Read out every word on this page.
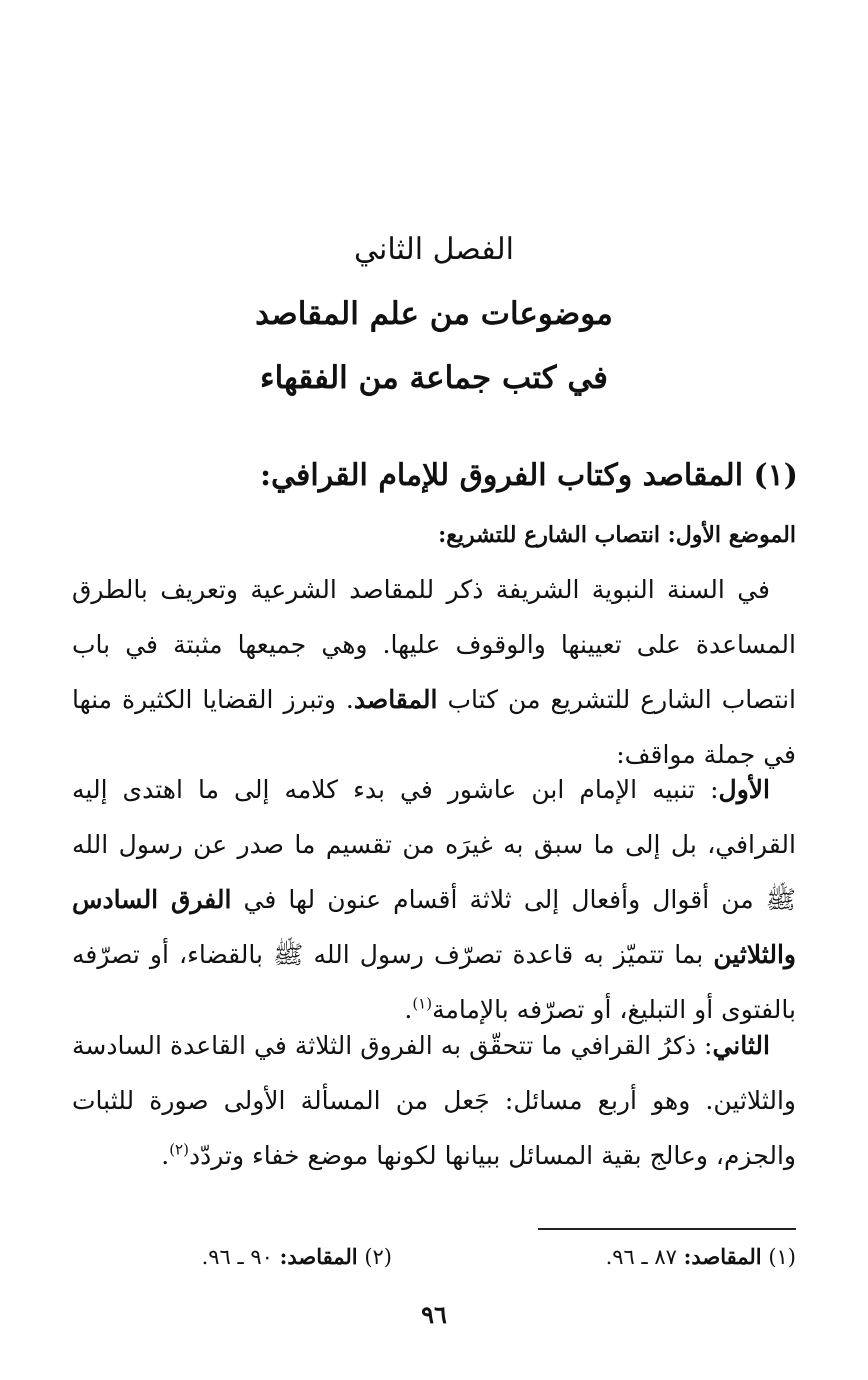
الفصل الثاني
موضوعات من علم المقاصد
في كتب جماعة من الفقهاء
(١) المقاصد وكتاب الفروق للإمام القرافي:
الموضع الأول: انتصاب الشارع للتشريع:

في السنة النبوية الشريفة ذكر للمقاصد الشرعية وتعريف بالطرق المساعدة على تعيينها والوقوف عليها. وهي جميعها مثبتة في باب انتصاب الشارع للتشريع من كتاب المقاصد. وتبرز القضايا الكثيرة منها في جملة مواقف:

الأول: تنبيه الإمام ابن عاشور في بدء كلامه إلى ما اهتدى إليه القرافي، بل إلى ما سبق به غيرَه من تقسيم ما صدر عن رسول الله ﷺ من أقوال وأفعال إلى ثلاثة أقسام عنون لها في الفرق السادس والثلاثين بما تتميّز به قاعدة تصرّف رسول الله ﷺ بالقضاء، أو تصرّفه بالفتوى أو التبليغ، أو تصرّفه بالإمامة$^{(١)}$.

الثاني: ذكرُ القرافي ما تتحقّق به الفروق الثلاثة في القاعدة السادسة والثلاثين. وهو أربع مسائل: جَعل من المسألة الأولى صورة للثبات والجزم، وعالج بقية المسائل ببيانها لكونها موضع خفاء وتردّد$^{(٢)}$.

(١) المقاصد: ٨٧ ـ ٩٦.
(٢) المقاصد: ٩٠ ـ ٩٦.
٩٦
